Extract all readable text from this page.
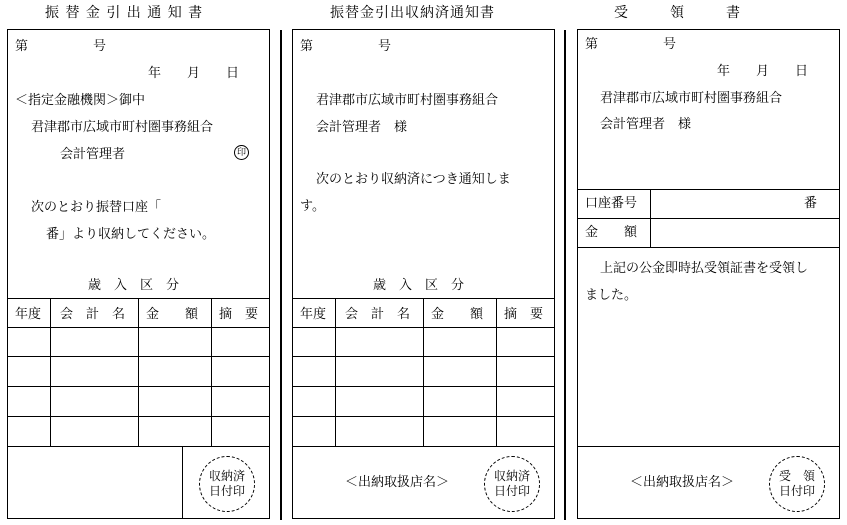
振 替 金 引 出 通 知 書
第　　　　　号
年　　月　　日
＜指定金融機関＞御中
君津郡市広域市町村圏事務組合
会計管理者	印
次のとおり振替口座「
番」より収納してください。
歳　入　区　分
年度 会　計　名 金　　額 摘　要
収納済
日付印
振替金引出収納済通知書
第　　　　　号
君津郡市広域市町村圏事務組合
会計管理者　様
次のとおり収納済につき通知しま
す。
歳　入　区　分
年度 会　計　名 金　　額 摘　要
＜出納取扱店名＞	収納済
日付印
受　　　領　　　書
第　　　　　号
年　　月　　日
君津郡市広域市町村圏事務組合
会計管理者　様
口座番号	番
金　　額
上記の公金即時払受領証書を受領し
ました。
＜出納取扱店名＞	受　領
日付印
